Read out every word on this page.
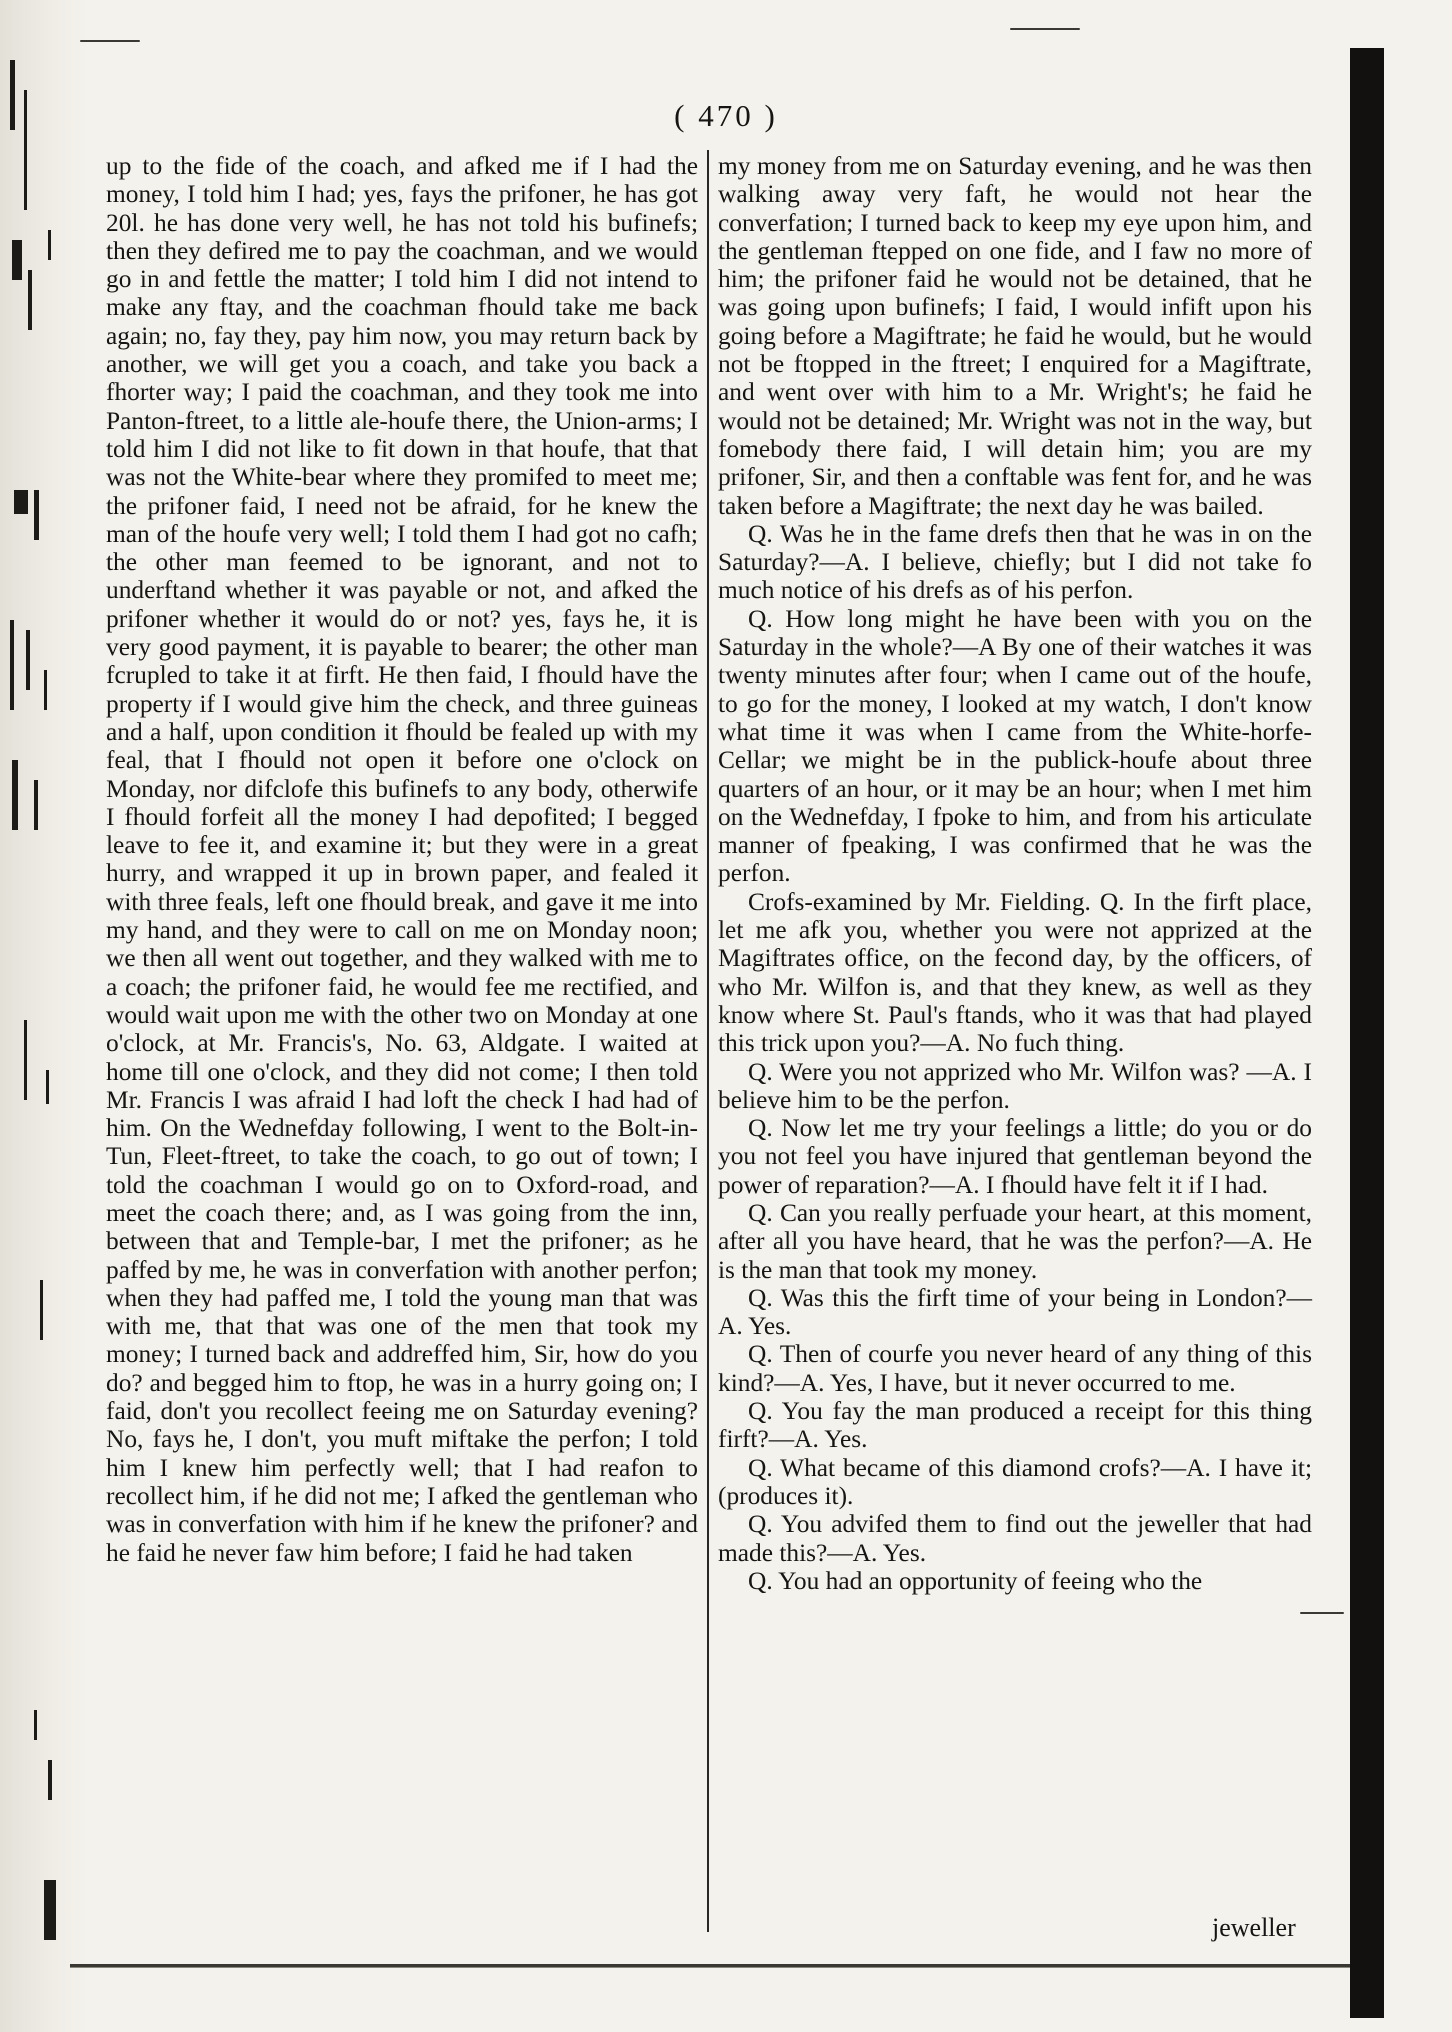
( 470 )

up to the fide of the coach, and afked me if I had the money, I told him I had; yes, fays the prifoner, he has got 20l. he has done very well, he has not told his bufinefs; then they defired me to pay the coachman, and we would go in and fettle the matter; I told him I did not intend to make any ftay, and the coachman fhould take me back again; no, fay they, pay him now, you may return back by another, we will get you a coach, and take you back a fhorter way; I paid the coachman, and they took me into Panton-ftreet, to a little ale-houfe there, the Union-arms; I told him I did not like to fit down in that houfe, that that was not the White-bear where they promifed to meet me; the prifoner faid, I need not be afraid, for he knew the man of the houfe very well; I told them I had got no cafh; the other man feemed to be ignorant, and not to underftand whether it was payable or not, and afked the prifoner whether it would do or not? yes, fays he, it is very good payment, it is payable to bearer; the other man fcrupled to take it at firft. He then faid, I fhould have the property if I would give him the check, and three guineas and a half, upon condition it fhould be fealed up with my feal, that I fhould not open it before one o'clock on Monday, nor difclofe this bufinefs to any body, otherwife I fhould forfeit all the money I had depofited; I begged leave to fee it, and examine it; but they were in a great hurry, and wrapped it up in brown paper, and fealed it with three feals, left one fhould break, and gave it me into my hand, and they were to call on me on Monday noon; we then all went out together, and they walked with me to a coach; the prifoner faid, he would fee me rectified, and would wait upon me with the other two on Monday at one o'clock, at Mr. Francis's, No. 63, Aldgate. I waited at home till one o'clock, and they did not come; I then told Mr. Francis I was afraid I had loft the check I had had of him. On the Wednefday following, I went to the Bolt-in-Tun, Fleet-ftreet, to take the coach, to go out of town; I told the coachman I would go on to Oxford-road, and meet the coach there; and, as I was going from the inn, between that and Temple-bar, I met the prifoner; as he paffed by me, he was in converfation with another perfon; when they had paffed me, I told the young man that was with me, that that was one of the men that took my money; I turned back and addreffed him, Sir, how do you do? and begged him to ftop, he was in a hurry going on; I faid, don't you recollect feeing me on Saturday evening? No, fays he, I don't, you muft miftake the perfon; I told him I knew him perfectly well; that I had reafon to recollect him, if he did not me; I afked the gentleman who was in converfation with him if he knew the prifoner? and he faid he never faw him before; I faid he had taken

my money from me on Saturday evening, and he was then walking away very faft, he would not hear the converfation; I turned back to keep my eye upon him, and the gentleman ftepped on one fide, and I faw no more of him; the prifoner faid he would not be detained, that he was going upon bufinefs; I faid, I would infift upon his going before a Magiftrate; he faid he would, but he would not be ftopped in the ftreet; I enquired for a Magiftrate, and went over with him to a Mr. Wright's; he faid he would not be detained; Mr. Wright was not in the way, but fomebody there faid, I will detain him; you are my prifoner, Sir, and then a conftable was fent for, and he was taken before a Magiftrate; the next day he was bailed.

Q. Was he in the fame drefs then that he was in on the Saturday?—A. I believe, chiefly; but I did not take fo much notice of his drefs as of his perfon.

Q. How long might he have been with you on the Saturday in the whole?—A By one of their watches it was twenty minutes after four; when I came out of the houfe, to go for the money, I looked at my watch, I don't know what time it was when I came from the White-horfe-Cellar; we might be in the publick-houfe about three quarters of an hour, or it may be an hour; when I met him on the Wednefday, I fpoke to him, and from his articulate manner of fpeaking, I was confirmed that he was the perfon.

Crofs-examined by Mr. Fielding. Q. In the firft place, let me afk you, whether you were not apprized at the Magiftrates office, on the fecond day, by the officers, of who Mr. Wilfon is, and that they knew, as well as they know where St. Paul's ftands, who it was that had played this trick upon you?—A. No fuch thing.

Q. Were you not apprized who Mr. Wilfon was? —A. I believe him to be the perfon.

Q. Now let me try your feelings a little; do you or do you not feel you have injured that gentleman beyond the power of reparation?—A. I fhould have felt it if I had.

Q. Can you really perfuade your heart, at this moment, after all you have heard, that he was the perfon?—A. He is the man that took my money.

Q. Was this the firft time of your being in London?—A. Yes.

Q. Then of courfe you never heard of any thing of this kind?—A. Yes, I have, but it never occurred to me.

Q. You fay the man produced a receipt for this thing firft?—A. Yes.

Q. What became of this diamond crofs?—A. I have it; (produces it).

Q. You advifed them to find out the jeweller that had made this?—A. Yes.

Q. You had an opportunity of feeing who the

jeweller
